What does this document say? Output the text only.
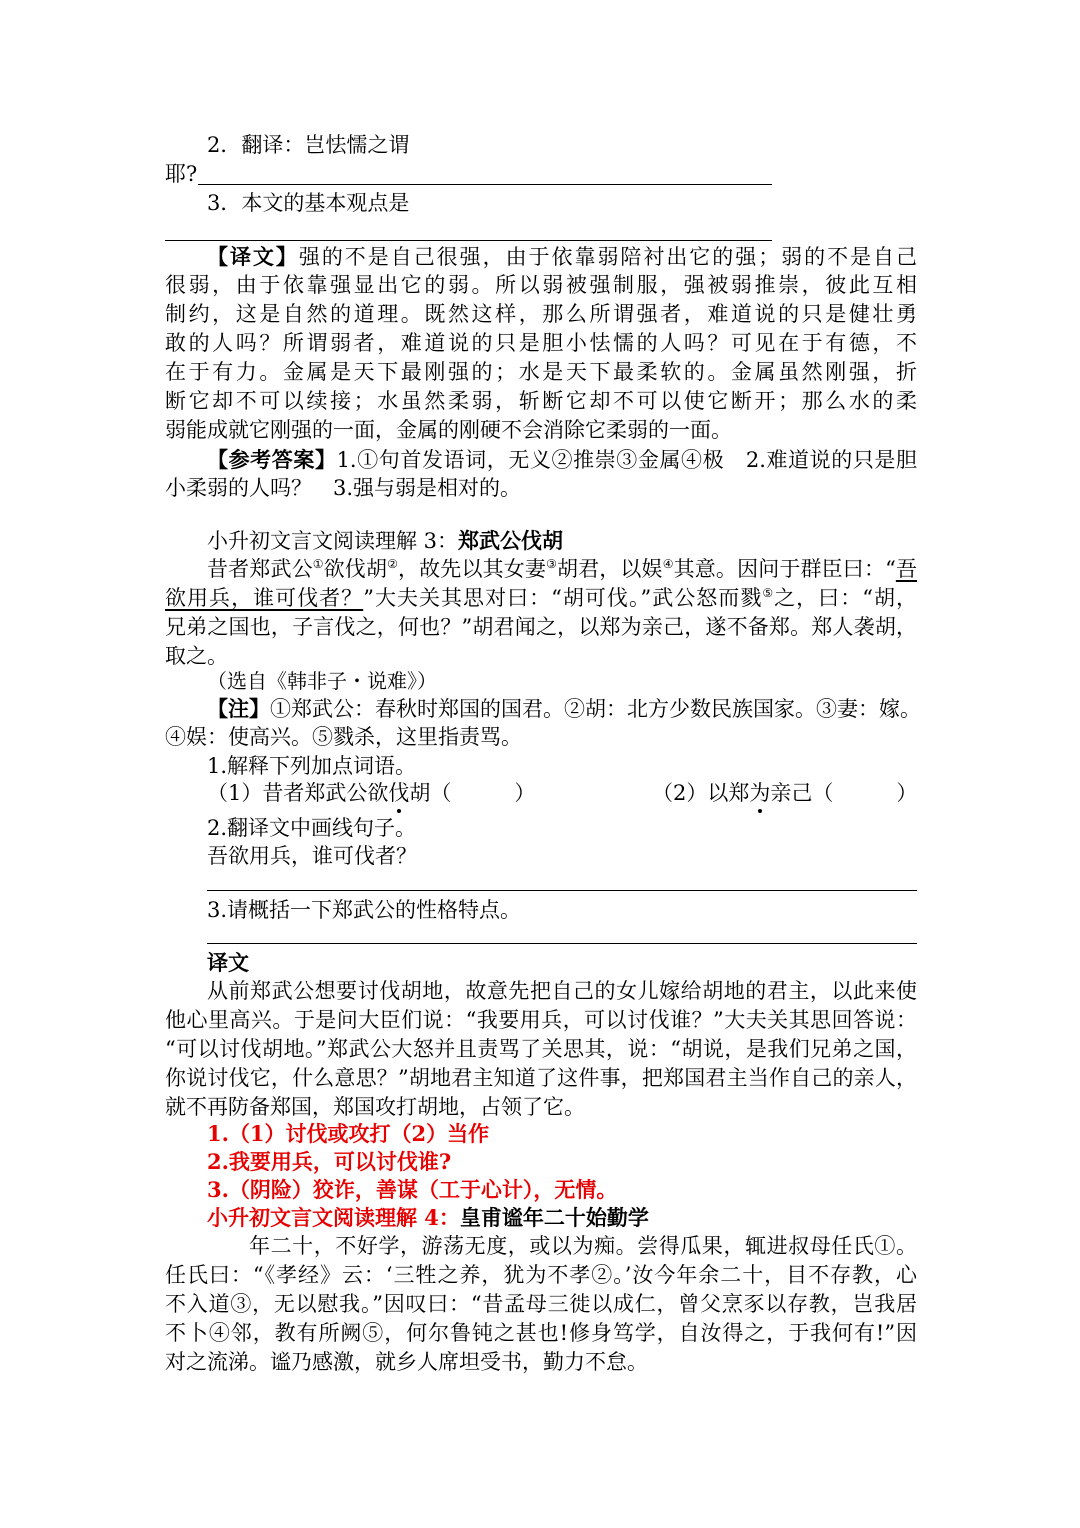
2．翻译：岂怯懦之谓

耶?

3．本文的基本观点是

【译文】强的不是自己很强，由于依靠弱陪衬出它的强；弱的不是自己

很弱，由于依靠强显出它的弱。所以弱被强制服，强被弱推崇，彼此互相

制约，这是自然的道理。既然这样，那么所谓强者，难道说的只是健壮勇

敢的人吗？所谓弱者，难道说的只是胆小怯懦的人吗？可见在于有德，不

在于有力。金属是天下最刚强的；水是天下最柔软的。金属虽然刚强，折

断它却不可以续接；水虽然柔弱，斩断它却不可以使它断开；那么水的柔

弱能成就它刚强的一面，金属的刚硬不会消除它柔弱的一面。

【参考答案】1.①句首发语词，无义②推崇③金属④极　2.难道说的只是胆

小柔弱的人吗？　3.强与弱是相对的。

小升初文言文阅读理解 3：郑武公伐胡

昔者郑武公①欲伐胡②，故先以其女妻③胡君，以娱④其意。因问于群臣曰：“吾

欲用兵，谁可伐者？”大夫关其思对曰：“胡可伐。”武公怒而戮⑤之，曰：“胡，

兄弟之国也，子言伐之，何也？”胡君闻之，以郑为亲己，遂不备郑。郑人袭胡，

取之。

（选自《韩非子・说难》）

【注】①郑武公：春秋时郑国的国君。②胡：北方少数民族国家。③妻：嫁。

④娱：使高兴。⑤戮杀，这里指责骂。

1.解释下列加点词语。

（1）昔者郑武公欲伐胡（　　　）	（2）以郑为亲己（　　　）

2.翻译文中画线句子。

吾欲用兵，谁可伐者？

3.请概括一下郑武公的性格特点。

译文

从前郑武公想要讨伐胡地，故意先把自己的女儿嫁给胡地的君主，以此来使

他心里高兴。于是问大臣们说：“我要用兵，可以讨伐谁？”大夫关其思回答说：

“可以讨伐胡地。”郑武公大怒并且责骂了关思其，说：“胡说，是我们兄弟之国，

你说讨伐它，什么意思？”胡地君主知道了这件事，把郑国君主当作自己的亲人，

就不再防备郑国，郑国攻打胡地，占领了它。

1.（1）讨伐或攻打（2）当作

2.我要用兵，可以讨伐谁?

3.（阴险）狡诈，善谋（工于心计），无情。

小升初文言文阅读理解 4：皇甫谧年二十始勤学

年二十，不好学，游荡无度，或以为痴。尝得瓜果，辄进叔母任氏①。

任氏曰：“《孝经》云：‘三牲之养，犹为不孝②。’汝今年余二十，目不存教，心

不入道③，无以慰我。”因叹曰：“昔孟母三徙以成仁，曾父烹豕以存教，岂我居

不卜④邻，教有所阙⑤，何尔鲁钝之甚也!修身笃学，自汝得之，于我何有!”因

对之流涕。谧乃感激，就乡人席坦受书，勤力不怠。
